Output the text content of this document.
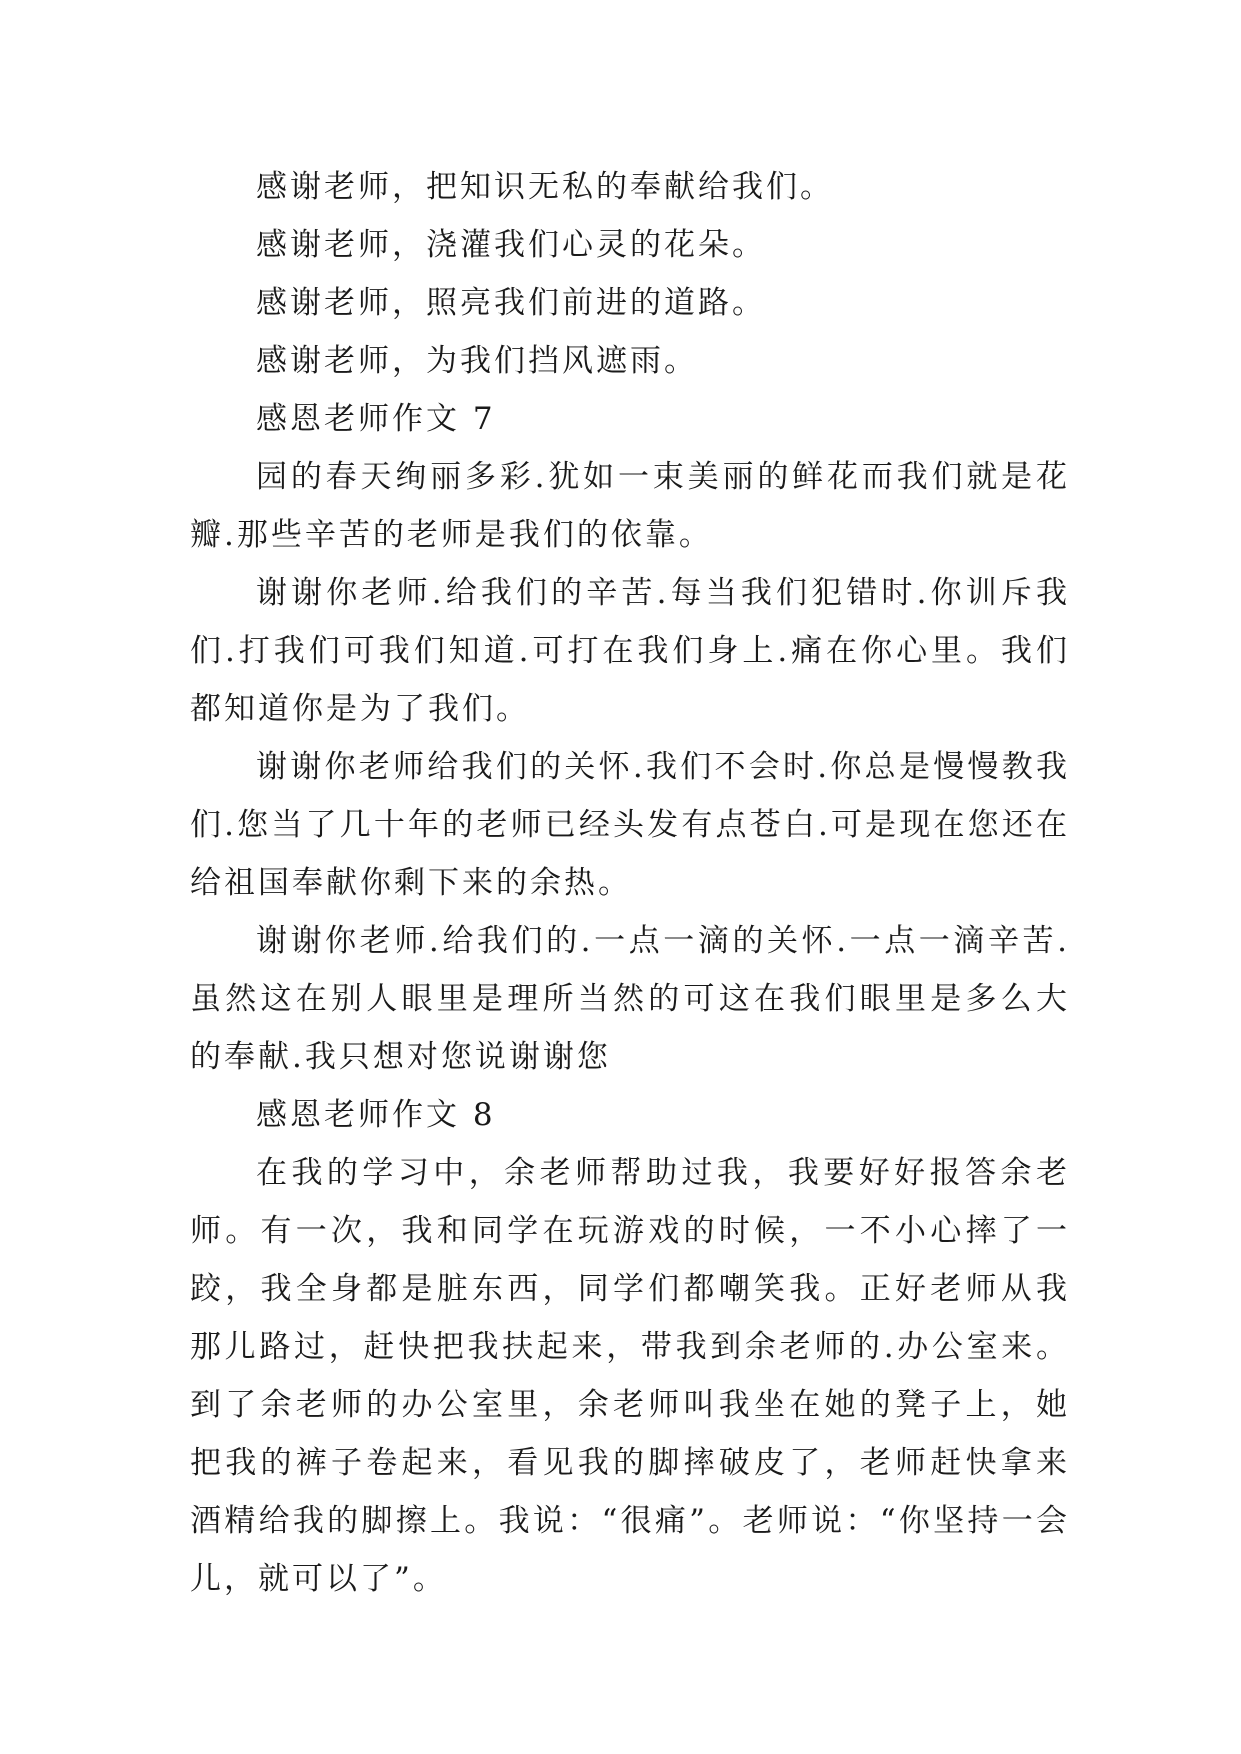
感谢老师，把知识无私的奉献给我们。

感谢老师，浇灌我们心灵的花朵。

感谢老师，照亮我们前进的道路。

感谢老师，为我们挡风遮雨。

感恩老师作文 7

园的春天绚丽多彩.犹如一束美丽的鲜花而我们就是花瓣.那些辛苦的老师是我们的依靠。

谢谢你老师.给我们的辛苦.每当我们犯错时.你训斥我们.打我们可我们知道.可打在我们身上.痛在你心里。我们都知道你是为了我们。

谢谢你老师给我们的关怀.我们不会时.你总是慢慢教我们.您当了几十年的老师已经头发有点苍白.可是现在您还在给祖国奉献你剩下来的余热。

谢谢你老师.给我们的.一点一滴的关怀.一点一滴辛苦.虽然这在别人眼里是理所当然的可这在我们眼里是多么大的奉献.我只想对您说谢谢您

感恩老师作文 8

在我的学习中，余老师帮助过我，我要好好报答余老师。有一次，我和同学在玩游戏的时候，一不小心摔了一跤，我全身都是脏东西，同学们都嘲笑我。正好老师从我那儿路过，赶快把我扶起来，带我到余老师的.办公室来。到了余老师的办公室里，余老师叫我坐在她的凳子上，她把我的裤子卷起来，看见我的脚摔破皮了，老师赶快拿来酒精给我的脚擦上。我说：“很痛”。老师说：“你坚持一会儿，就可以了”。
